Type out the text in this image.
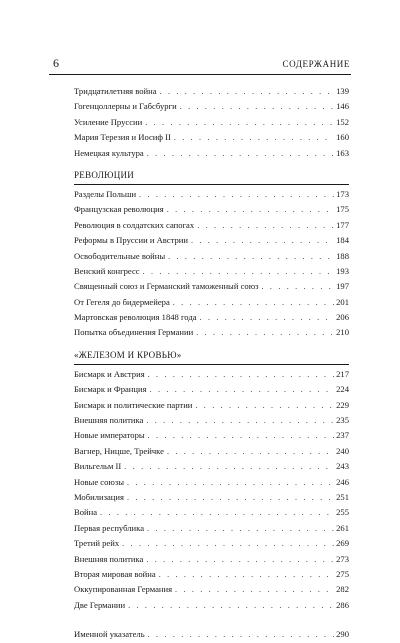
6	СОДЕРЖАНИЕ
Тридцатилетняя война . . .	139
Гогенцоллерны и Габсбурги . . .	146
Усиление Пруссии . . .	152
Мария Терезия и Иосиф II . . .	160
Немецкая культура . . .	163
РЕВОЛЮЦИИ
Разделы Польши . . .	173
Французская революция . . .	175
Революция в солдатских сапогах . . .	177
Реформы в Пруссии и Австрии . . .	184
Освободительные войны . . .	188
Венский конгресс . . .	193
Священный союз и Германский таможенный союз . . .	197
От Гегеля до бидермейера . . .	201
Мартовская революция 1848 года . . .	206
Попытка объединения Германии . . .	210
«ЖЕЛЕЗОМ И КРОВЬЮ»
Бисмарк и Австрия . . .	217
Бисмарк и Франция . . .	224
Бисмарк и политические партии . . .	229
Внешняя политика . . .	235
Новые императоры . . .	237
Вагнер, Ницше, Трейчке . . .	240
Вильгельм II . . .	243
Новые союзы . . .	246
Мобилизация . . .	251
Война . . .	255
Первая республика . . .	261
Третий рейх . . .	269
Внешняя политика . . .	273
Вторая мировая война . . .	275
Оккупированная Германия . . .	282
Две Германии . . .	286
Именной указатель . . .	290
